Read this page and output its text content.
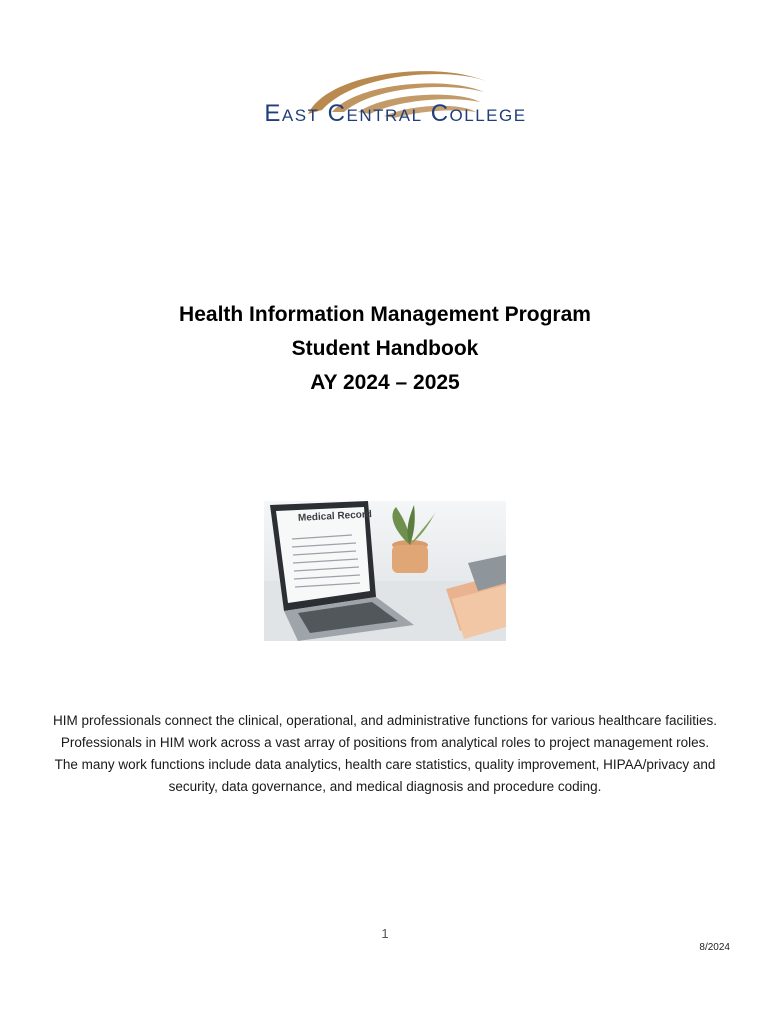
East Central College
Health Information Management Program
Student Handbook
AY 2024 – 2025
Medical Record
HIM professionals connect the clinical, operational, and administrative functions for various healthcare facilities. Professionals in HIM work across a vast array of positions from analytical roles to project management roles. The many work functions include data analytics, health care statistics, quality improvement, HIPAA/privacy and security, data governance, and medical diagnosis and procedure coding.
1
8/2024
